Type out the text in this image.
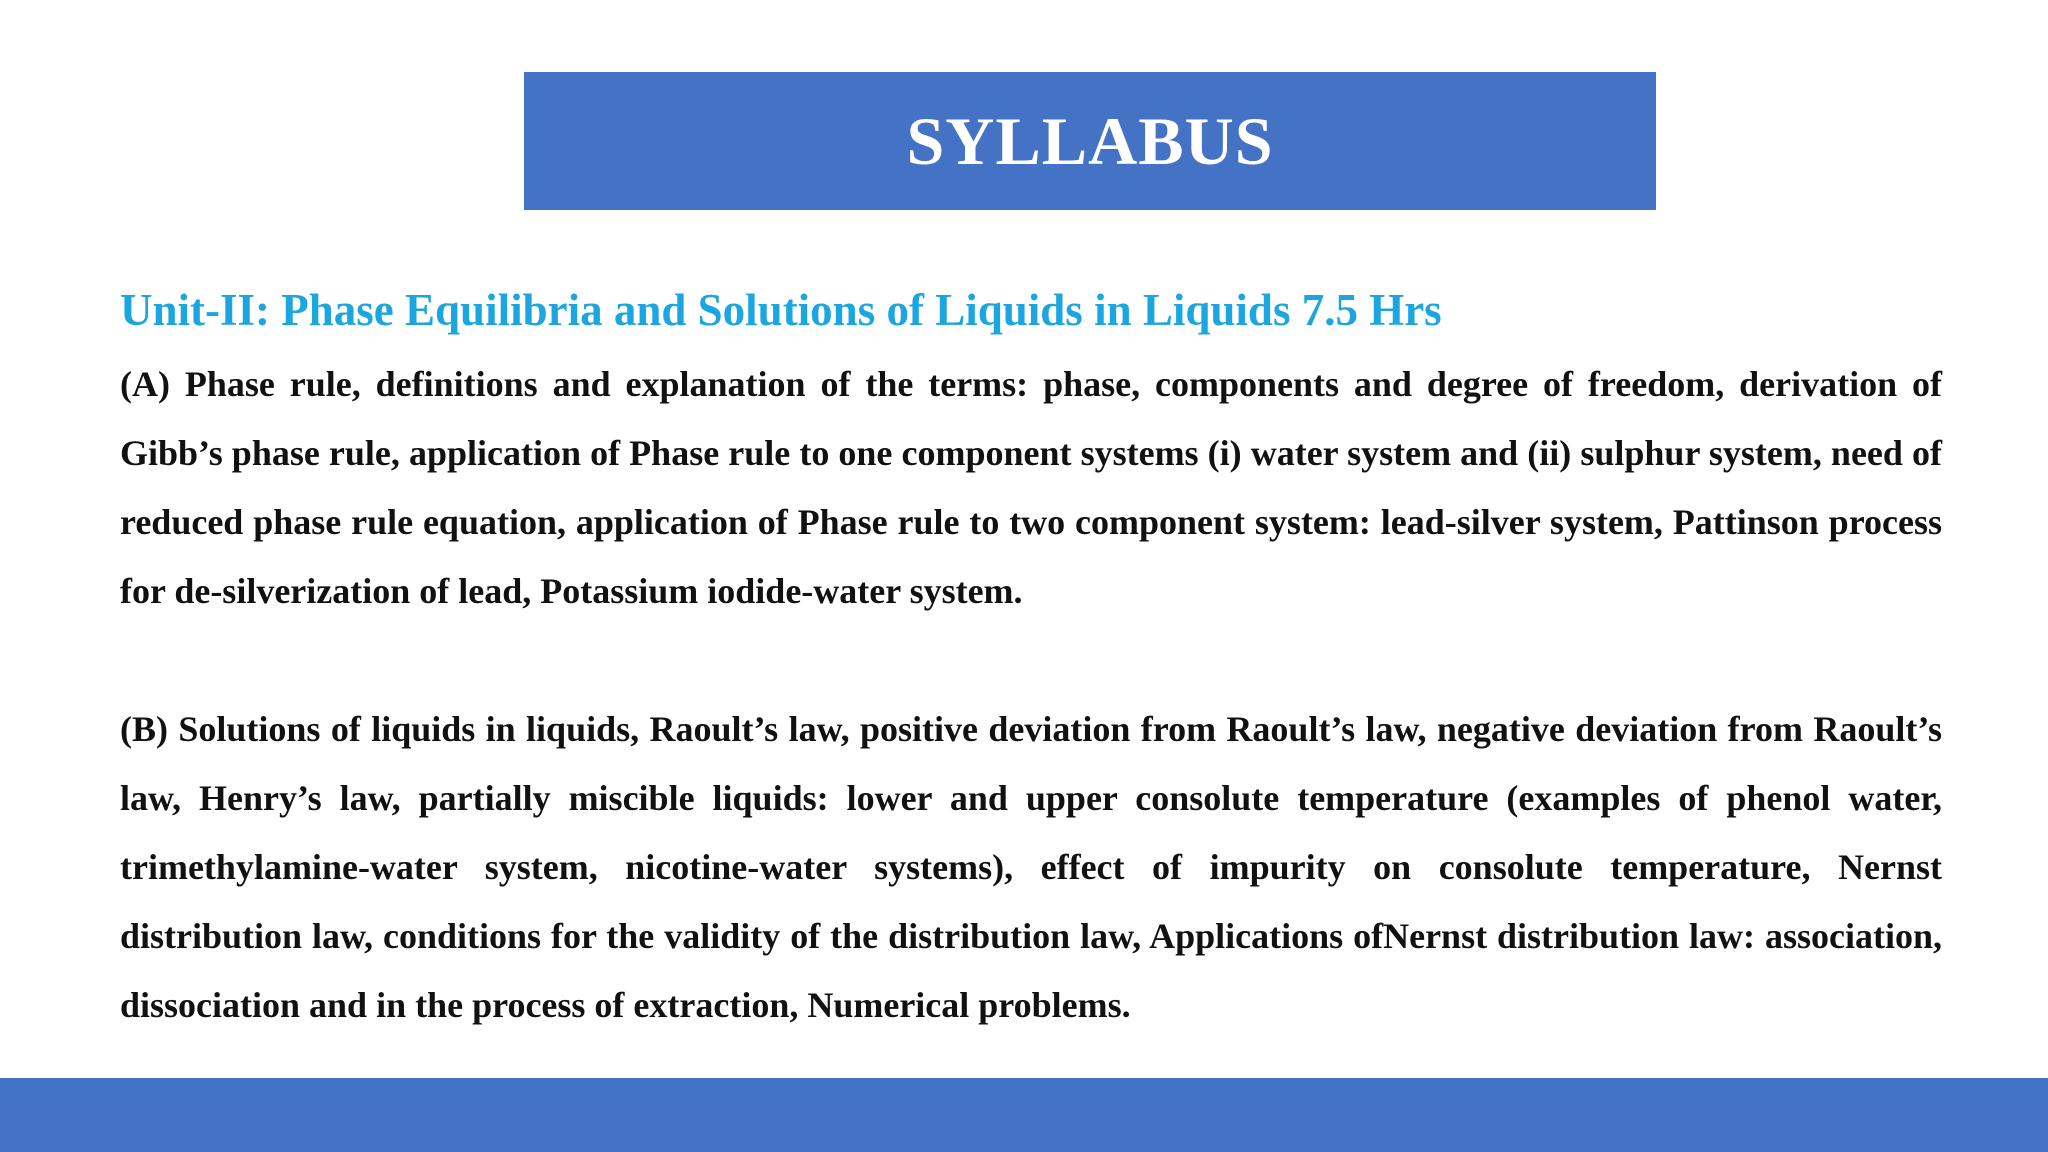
SYLLABUS
Unit-II: Phase Equilibria and Solutions of Liquids in Liquids 7.5 Hrs
(A) Phase rule, definitions and explanation of the terms: phase, components and degree of freedom, derivation of Gibb’s phase rule, application of Phase rule to one component systems (i) water system and (ii) sulphur system, need of reduced phase rule equation, application of Phase rule to two component system: lead-silver system, Pattinson process for de-silverization of lead, Potassium iodide-water system.
(B) Solutions of liquids in liquids, Raoult’s law, positive deviation from Raoult’s law, negative deviation from Raoult’s law, Henry’s law, partially miscible liquids: lower and upper consolute temperature (examples of phenol water, trimethylamine-water system, nicotine-water systems), effect of impurity on consolute temperature, Nernst distribution law, conditions for the validity of the distribution law, Applications ofNernst distribution law: association, dissociation and in the process of extraction, Numerical problems.
